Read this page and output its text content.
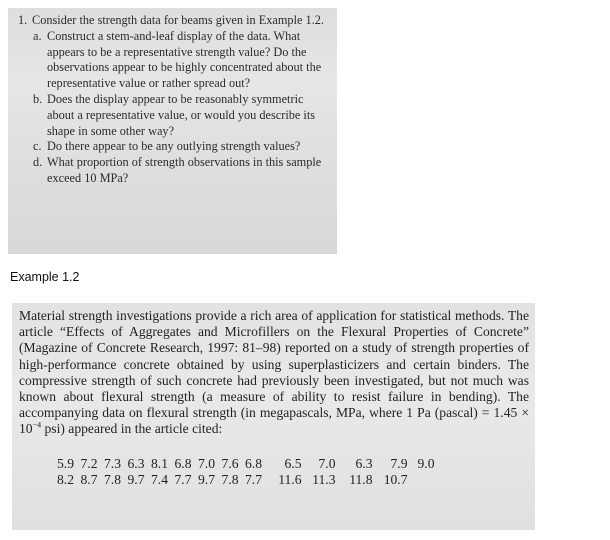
1. Consider the strength data for beams given in Example 1.2.
a. Construct a stem-and-leaf display of the data. What appears to be a representative strength value? Do the observations appear to be highly concentrated about the representative value or rather spread out?
b. Does the display appear to be reasonably symmetric about a representative value, or would you describe its shape in some other way?
c. Do there appear to be any outlying strength values?
d. What proportion of strength observations in this sample exceed 10 MPa?
Example 1.2
Material strength investigations provide a rich area of application for statistical methods. The article “Effects of Aggregates and Microfillers on the Flexural Properties of Concrete” (Magazine of Concrete Research, 1997: 81–98) reported on a study of strength properties of high-performance concrete obtained by using superplasticizers and certain binders. The compressive strength of such concrete had previously been investigated, but not much was known about flexural strength (a measure of ability to resist failure in bending). The accompanying data on flexural strength (in megapascals, MPa, where 1 Pa (pascal) = $1.45 \times 10^{-4}$ psi) appeared in the article cited:
5.9 7.2 7.3 6.3 8.1 6.8 7.0 7.6 6.8	6.5	7.0	6.3	7.9 9.0
8.2 8.7 7.8 9.7 7.4 7.7 9.7 7.8 7.7	11.6 11.3	11.8 10.7
